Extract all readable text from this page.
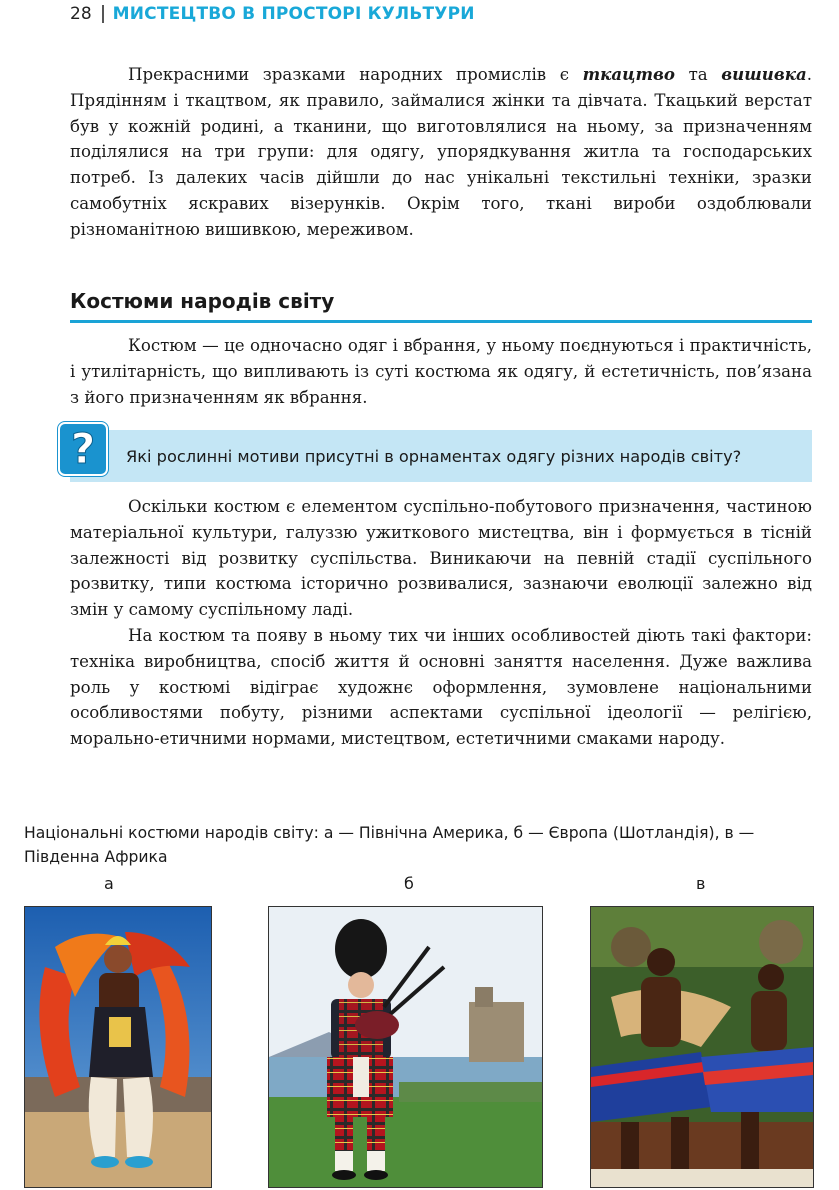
28 МИСТЕЦТВО В ПРОСТОРІ КУЛЬТУРИ

Прекрасними зразками народних промислів є ткацтво та вишивка. Прядінням і ткацтвом, як правило, займалися жінки та дівчата. Ткацький верстат був у кожній родині, а тканини, що виготовлялися на ньому, за призначенням поділялися на три групи: для одягу, упорядкування житла та господарських потреб. Із далеких часів дійшли до нас унікальні текстильні техніки, зразки самобутніх яскравих візерунків. Окрім того, ткані вироби оздоблювали різноманітною вишивкою, мереживом.

Костюми народів світу

Костюм — це одночасно одяг і вбрання, у ньому поєднуються і практичність, і утилітарність, що випливають із суті костюма як одягу, й естетичність, пов’язана з його призначенням як вбрання.

? Які рослинні мотиви присутні в орнаментах одягу різних народів світу?

Оскільки костюм є елементом суспільно-побутового призначення, частиною матеріальної культури, галуззю ужиткового мистецтва, він і формується в тісній залежності від розвитку суспільства. Виникаючи на певній стадії суспільного розвитку, типи костюма історично розвивалися, зазнаючи еволюції залежно від змін у самому суспільному ладі.

На костюм та появу в ньому тих чи інших особливостей діють такі фактори: техніка виробництва, спосіб життя й основні заняття населення. Дуже важлива роль у костюмі відіграє художнє оформлення, зумовлене національними особливостями побуту, різними аспектами суспільної ідеології — релігією, морально-етичними нормами, мистецтвом, естетичними смаками народу.

Національні костюми народів світу: а — Північна Америка, б — Європа (Шотландія), в — Південна Африка

а	б	в
